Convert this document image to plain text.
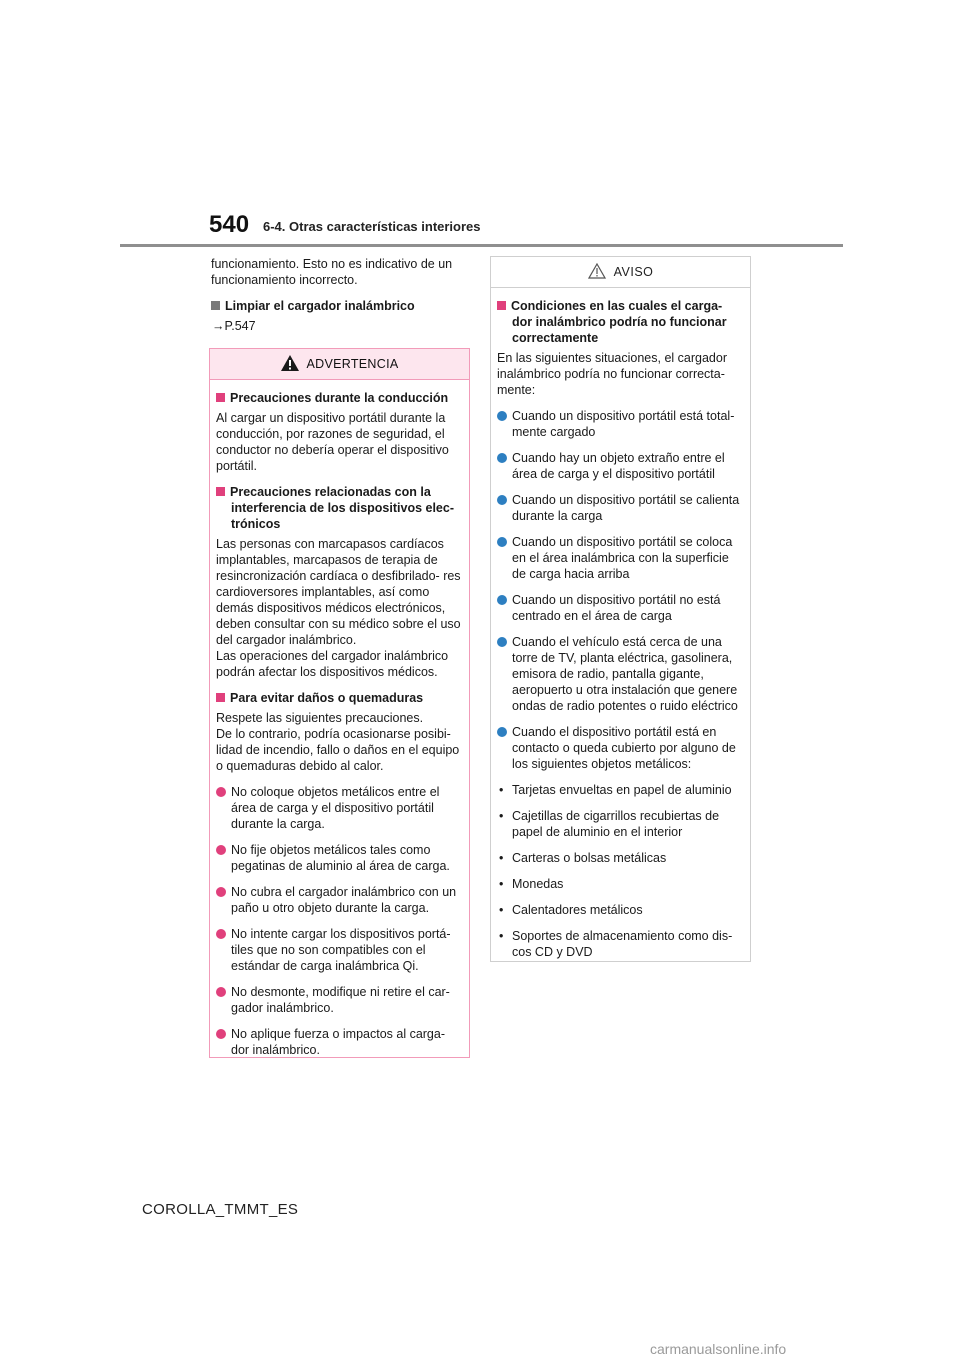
540 6-4. Otras características interiores

funcionamiento. Esto no es indicativo de un funcionamiento incorrecto.

Limpiar el cargador inalámbrico

→P.547

ADVERTENCIA
Precauciones durante la conducción

Al cargar un dispositivo portátil durante la conducción, por razones de seguridad, el conductor no debería operar el dispositivo portátil.

Precauciones relacionadas con la interferencia de los dispositivos elec- trónicos

Las personas con marcapasos cardíacos implantables, marcapasos de terapia de resincronización cardíaca o desfibrilado- res cardioversores implantables, así como demás dispositivos médicos electrónicos, deben consultar con su médico sobre el uso del cargador inalámbrico.

Las operaciones del cargador inalámbrico podrán afectar los dispositivos médicos.

Para evitar daños o quemaduras

Respete las siguientes precauciones.

De lo contrario, podría ocasionarse posibi- lidad de incendio, fallo o daños en el equipo o quemaduras debido al calor.

No coloque objetos metálicos entre el área de carga y el dispositivo portátil durante la carga.
No fije objetos metálicos tales como pegatinas de aluminio al área de carga.
No cubra el cargador inalámbrico con un paño u otro objeto durante la carga.
No intente cargar los dispositivos portá- tiles que no son compatibles con el estándar de carga inalámbrica Qi.
No desmonte, modifique ni retire el car- gador inalámbrico.
No aplique fuerza o impactos al carga- dor inalámbrico.
AVISO
Condiciones en las cuales el carga- dor inalámbrico podría no funcionar correctamente

En las siguientes situaciones, el cargador inalámbrico podría no funcionar correcta- mente:

Cuando un dispositivo portátil está total- mente cargado
Cuando hay un objeto extraño entre el área de carga y el dispositivo portátil
Cuando un dispositivo portátil se calienta durante la carga
Cuando un dispositivo portátil se coloca en el área inalámbrica con la superficie de carga hacia arriba
Cuando un dispositivo portátil no está centrado en el área de carga
Cuando el vehículo está cerca de una torre de TV, planta eléctrica, gasolinera, emisora de radio, pantalla gigante, aeropuerto u otra instalación que genere ondas de radio potentes o ruido eléctrico
Cuando el dispositivo portátil está en contacto o queda cubierto por alguno de los siguientes objetos metálicos:
• Tarjetas envueltas en papel de aluminio
• Cajetillas de cigarrillos recubiertas de papel de aluminio en el interior
• Carteras o bolsas metálicas
• Monedas
• Calentadores metálicos
• Soportes de almacenamiento como dis- cos CD y DVD
COROLLA_TMMT_ES
carmanualsonline.info
